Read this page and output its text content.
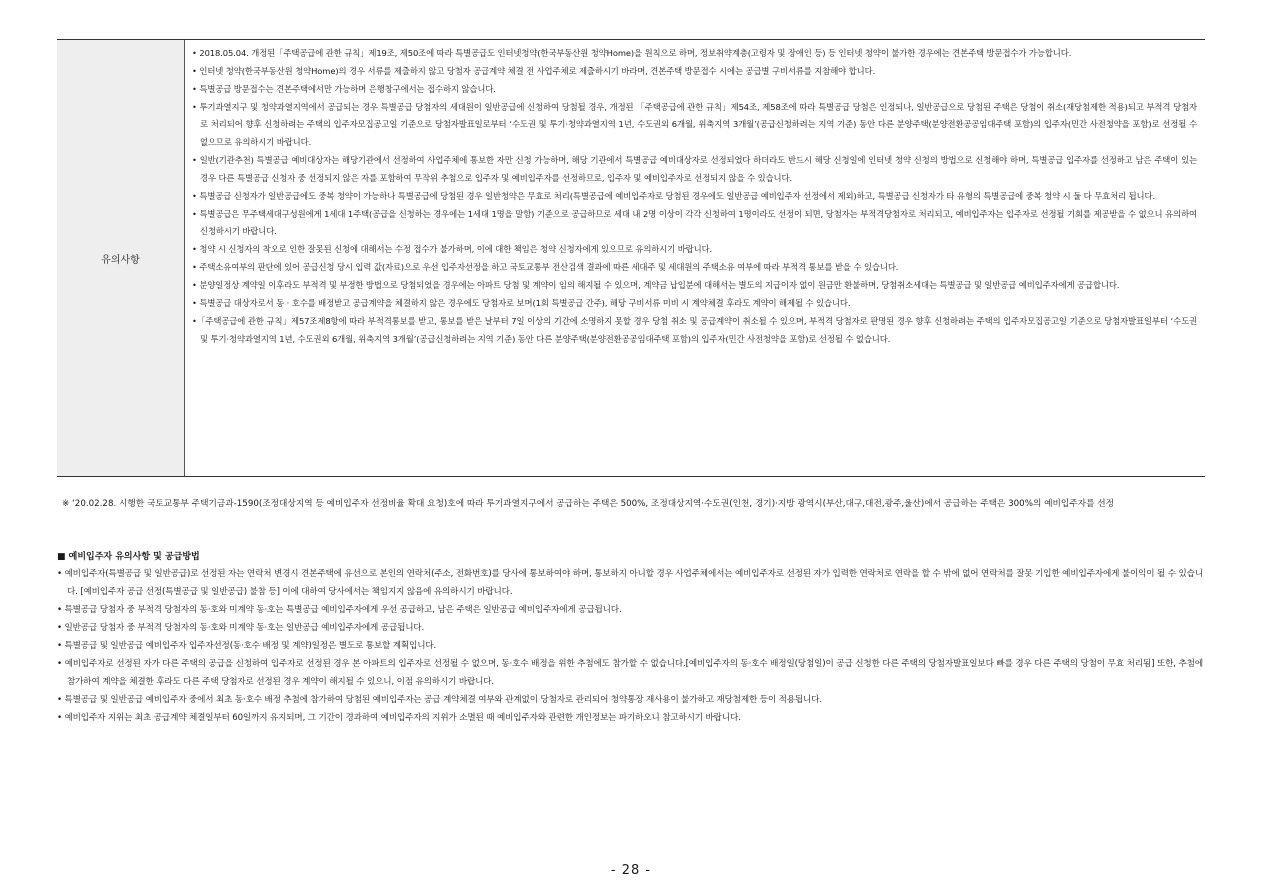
유의사항
• 2018.05.04. 개정된「주택공급에 관한 규칙」제19조, 제50조에 따라 특별공급도 인터넷청약(한국부동산원 청약Home)을 원칙으로 하며, 정보취약계층(고령자 및 장애인 등) 등 인터넷 청약이 불가한 경우에는 견본주택 방문접수가 가능합니다.
• 인터넷 청약(한국부동산원 청약Home)의 경우 서류를 제출하지 않고 당첨자 공급계약 체결 전 사업주체로 제출하시기 바라며, 견본주택 방문접수 시에는 공급별 구비서류를 지참해야 합니다.
• 특별공급 방문접수는 견본주택에서만 가능하며 은행창구에서는 접수하지 않습니다.
• 투기과열지구 및 청약과열지역에서 공급되는 경우 특별공급 당첨자의 세대원이 일반공급에 신청하여 당첨될 경우, 개정된 「주택공급에 관한 규칙」제54조, 제58조에 따라 특별공급 당첨은 인정되나, 일반공급으로 당첨된 주택은 당첨이 취소(재당첨제한 적용)되고 부적격 당첨자로 처리되어 향후 신청하려는 주택의 입주자모집공고일 기준으로 당첨자발표일로부터 ‘수도권 및 투기·청약과열지역 1년, 수도권외 6개월, 위축지역 3개월’(공급신청하려는 지역 기준) 동안 다른 분양주택(분양전환공공임대주택 포함)의 입주자(민간 사전청약을 포함)로 선정될 수 없으므로 유의하시기 바랍니다.
• 일반(기관추천) 특별공급 예비대상자는 해당기관에서 선정하여 사업주체에 통보한 자만 신청 가능하며, 해당 기관에서 특별공급 예비대상자로 선정되었다 하더라도 반드시 해당 신청일에 인터넷 청약 신청의 방법으로 신청해야 하며, 특별공급 입주자를 선정하고 남은 주택이 있는 경우 다른 특별공급 신청자 중 선정되지 않은 자를 포함하여 무작위 추첨으로 입주자 및 예비입주자를 선정하므로, 입주자 및 예비입주자로 선정되지 않을 수 있습니다.
• 특별공급 신청자가 일반공급에도 중복 청약이 가능하나 특별공급에 당첨된 경우 일반청약은 무효로 처리(특별공급에 예비입주자로 당첨된 경우에도 일반공급 예비입주자 선정에서 제외)하고, 특별공급 신청자가 타 유형의 특별공급에 중복 청약 시 둘 다 무효처리 됩니다.
• 특별공급은 무주택세대구성원에게 1세대 1주택(공급을 신청하는 경우에는 1세대 1명을 말함) 기준으로 공급하므로 세대 내 2명 이상이 각각 신청하여 1명이라도 선정이 되면, 당첨자는 부적격당첨자로 처리되고, 예비입주자는 입주자로 선정될 기회를 제공받을 수 없으니 유의하여 신청하시기 바랍니다.
• 청약 시 신청자의 착오로 인한 잘못된 신청에 대해서는 수정 접수가 불가하며, 이에 대한 책임은 청약 신청자에게 있으므로 유의하시기 바랍니다.
• 주택소유여부의 판단에 있어 공급신청 당시 입력 값(자료)으로 우선 입주자선정을 하고 국토교통부 전산검색 결과에 따른 세대주 및 세대원의 주택소유 여부에 따라 부적격 통보를 받을 수 있습니다.
• 분양일정상 계약일 이후라도 부적격 및 부정한 방법으로 당첨되었을 경우에는 아파트 당첨 및 계약이 임의 해지될 수 있으며, 계약금 납입분에 대해서는 별도의 지급이자 없이 원금만 환불하며, 당첨취소세대는 특별공급 및 일반공급 예비입주자에게 공급합니다.
• 특별공급 대상자로서 동 · 호수를 배정받고 공급계약을 체결하지 않은 경우에도 당첨자로 보며(1회 특별공급 간주), 해당 구비서류 미비 시 계약체결 후라도 계약이 해제될 수 있습니다.
•「주택공급에 관한 규칙」제57조제8항에 따라 부적격통보를 받고, 통보를 받은 날부터 7일 이상의 기간에 소명하지 못할 경우 당첨 취소 및 공급계약이 취소될 수 있으며, 부적격 당첨자로 판명된 경우 향후 신청하려는 주택의 입주자모집공고일 기준으로 당첨자발표일부터 ‘수도권 및 투기·청약과열지역 1년, 수도권외 6개월, 위축지역 3개월’(공급신청하려는 지역 기준) 동안 다른 분양주택(분양전환공공임대주택 포함)의 입주자(민간 사전청약을 포함)로 선정될 수 없습니다.
※ ‘20.02.28. 시행한 국토교통부 주택기금과-1590(조정대상지역 등 예비입주자 선정비율 확대 요청)호에 따라 투기과열지구에서 공급하는 주택은 500%, 조정대상지역·수도권(인천, 경기)·지방 광역시(부산,대구,대전,광주,울산)에서 공급하는 주택은 300%의 예비입주자를 선정
■ 예비입주자 유의사항 및 공급방법
• 예비입주자(특별공급 및 일반공급)로 선정된 자는 연락처 변경시 견본주택에 유선으로 본인의 연락처(주소, 전화번호)를 당사에 통보하여야 하며, 통보하지 아니할 경우 사업주체에서는 예비입주자로 선정된 자가 입력한 연락처로 연락을 할 수 밖에 없어 연락처를 잘못 기입한 예비입주자에게 불이익이 될 수 있습니다. [예비입주자 공급 선정(특별공급 및 일반공급) 불참 등] 이에 대하여 당사에서는 책임지지 않음에 유의하시기 바랍니다.
• 특별공급 당첨자 중 부적격 당첨자의 동·호와 미계약 동·호는 특별공급 예비입주자에게 우선 공급하고, 남은 주택은 일반공급 예비입주자에게 공급됩니다.
• 일반공급 당첨자 중 부적격 당첨자의 동·호와 미계약 동·호는 일반공급 예비입주자에게 공급됩니다.
• 특별공급 및 일반공급 예비입주자 입주자선정(동·호수 배정 및 계약)일정은 별도로 통보할 계획입니다.
• 예비입주자로 선정된 자가 다른 주택의 공급을 신청하여 입주자로 선정된 경우 본 아파트의 입주자로 선정될 수 없으며, 동·호수 배정을 위한 추첨에도 참가할 수 없습니다.[예비입주자의 동·호수 배정일(당첨일)이 공급 신청한 다른 주택의 당첨자발표일보다 빠를 경우 다른 주택의 당첨이 무효 처리됨] 또한, 추첨에 참가하여 계약을 체결한 후라도 다른 주택 당첨자로 선정된 경우 계약이 해지될 수 있으니, 이점 유의하시기 바랍니다.
• 특별공급 및 일반공급 예비입주자 중에서 최초 동·호수 배정 추첨에 참가하여 당첨된 예비입주자는 공급 계약체결 여부와 관계없이 당첨자로 관리되어 청약통장 재사용이 불가하고 재당첨제한 등이 적용됩니다.
• 예비입주자 지위는 최초 공급계약 체결일부터 60일까지 유지되며, 그 기간이 경과하여 예비입주자의 지위가 소멸된 때 예비입주자와 관련한 개인정보는 파기하오니 참고하시기 바랍니다.
- 28 -
